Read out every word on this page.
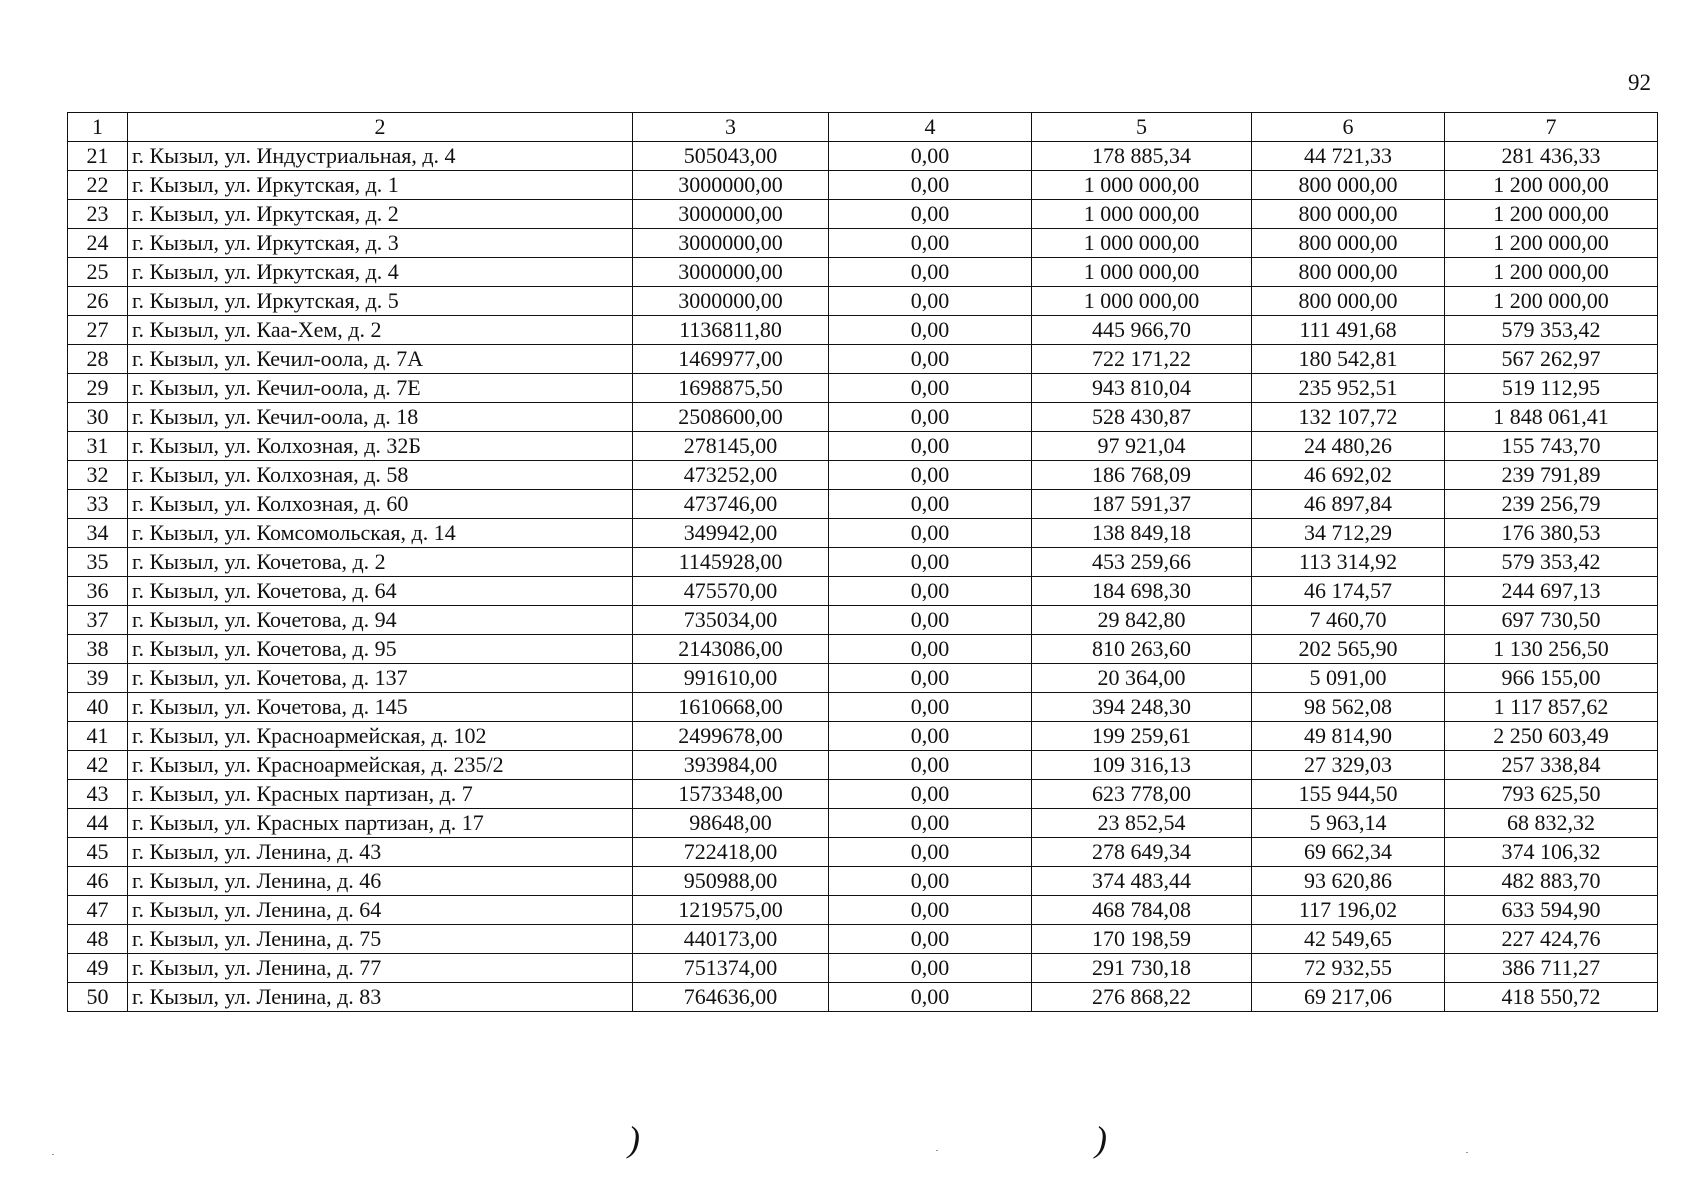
92
1	2	3	4	5	6	7
21	г. Кызыл, ул. Индустриальная, д. 4	505043,00	0,00	178 885,34	44 721,33	281 436,33
22	г. Кызыл, ул. Иркутская, д. 1	3000000,00	0,00	1 000 000,00	800 000,00	1 200 000,00
23	г. Кызыл, ул. Иркутская, д. 2	3000000,00	0,00	1 000 000,00	800 000,00	1 200 000,00
24	г. Кызыл, ул. Иркутская, д. 3	3000000,00	0,00	1 000 000,00	800 000,00	1 200 000,00
25	г. Кызыл, ул. Иркутская, д. 4	3000000,00	0,00	1 000 000,00	800 000,00	1 200 000,00
26	г. Кызыл, ул. Иркутская, д. 5	3000000,00	0,00	1 000 000,00	800 000,00	1 200 000,00
27	г. Кызыл, ул. Каа-Хем, д. 2	1136811,80	0,00	445 966,70	111 491,68	579 353,42
28	г. Кызыл, ул. Кечил-оола, д. 7А	1469977,00	0,00	722 171,22	180 542,81	567 262,97
29	г. Кызыл, ул. Кечил-оола, д. 7Е	1698875,50	0,00	943 810,04	235 952,51	519 112,95
30	г. Кызыл, ул. Кечил-оола, д. 18	2508600,00	0,00	528 430,87	132 107,72	1 848 061,41
31	г. Кызыл, ул. Колхозная, д. 32Б	278145,00	0,00	97 921,04	24 480,26	155 743,70
32	г. Кызыл, ул. Колхозная, д. 58	473252,00	0,00	186 768,09	46 692,02	239 791,89
33	г. Кызыл, ул. Колхозная, д. 60	473746,00	0,00	187 591,37	46 897,84	239 256,79
34	г. Кызыл, ул. Комсомольская, д. 14	349942,00	0,00	138 849,18	34 712,29	176 380,53
35	г. Кызыл, ул. Кочетова, д. 2	1145928,00	0,00	453 259,66	113 314,92	579 353,42
36	г. Кызыл, ул. Кочетова, д. 64	475570,00	0,00	184 698,30	46 174,57	244 697,13
37	г. Кызыл, ул. Кочетова, д. 94	735034,00	0,00	29 842,80	7 460,70	697 730,50
38	г. Кызыл, ул. Кочетова, д. 95	2143086,00	0,00	810 263,60	202 565,90	1 130 256,50
39	г. Кызыл, ул. Кочетова, д. 137	991610,00	0,00	20 364,00	5 091,00	966 155,00
40	г. Кызыл, ул. Кочетова, д. 145	1610668,00	0,00	394 248,30	98 562,08	1 117 857,62
41	г. Кызыл, ул. Красноармейская, д. 102	2499678,00	0,00	199 259,61	49 814,90	2 250 603,49
42	г. Кызыл, ул. Красноармейская, д. 235/2	393984,00	0,00	109 316,13	27 329,03	257 338,84
43	г. Кызыл, ул. Красных партизан, д. 7	1573348,00	0,00	623 778,00	155 944,50	793 625,50
44	г. Кызыл, ул. Красных партизан, д. 17	98648,00	0,00	23 852,54	5 963,14	68 832,32
45	г. Кызыл, ул. Ленина, д. 43	722418,00	0,00	278 649,34	69 662,34	374 106,32
46	г. Кызыл, ул. Ленина, д. 46	950988,00	0,00	374 483,44	93 620,86	482 883,70
47	г. Кызыл, ул. Ленина, д. 64	1219575,00	0,00	468 784,08	117 196,02	633 594,90
48	г. Кызыл, ул. Ленина, д. 75	440173,00	0,00	170 198,59	42 549,65	227 424,76
49	г. Кызыл, ул. Ленина, д. 77	751374,00	0,00	291 730,18	72 932,55	386 711,27
50	г. Кызыл, ул. Ленина, д. 83	764636,00	0,00	276 868,22	69 217,06	418 550,72
)	)
